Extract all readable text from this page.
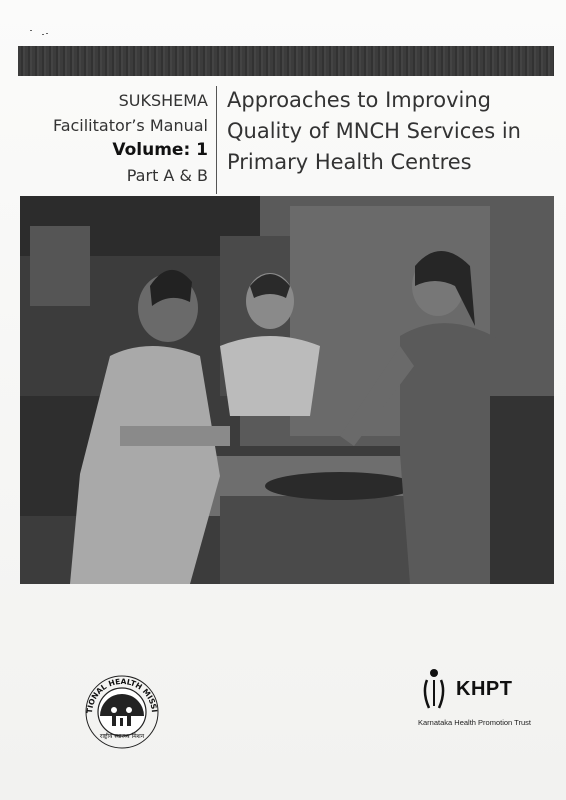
SUKSHEMA
Facilitator’s Manual
Volume: 1
Part A & B
Approaches to Improving
Quality of MNCH Services in
Primary Health Centres
TIONAL HEALTH MISSI
राष्ट्रीय स्वास्थ्य मिशन
KHPT
Karnataka Health Promotion Trust
